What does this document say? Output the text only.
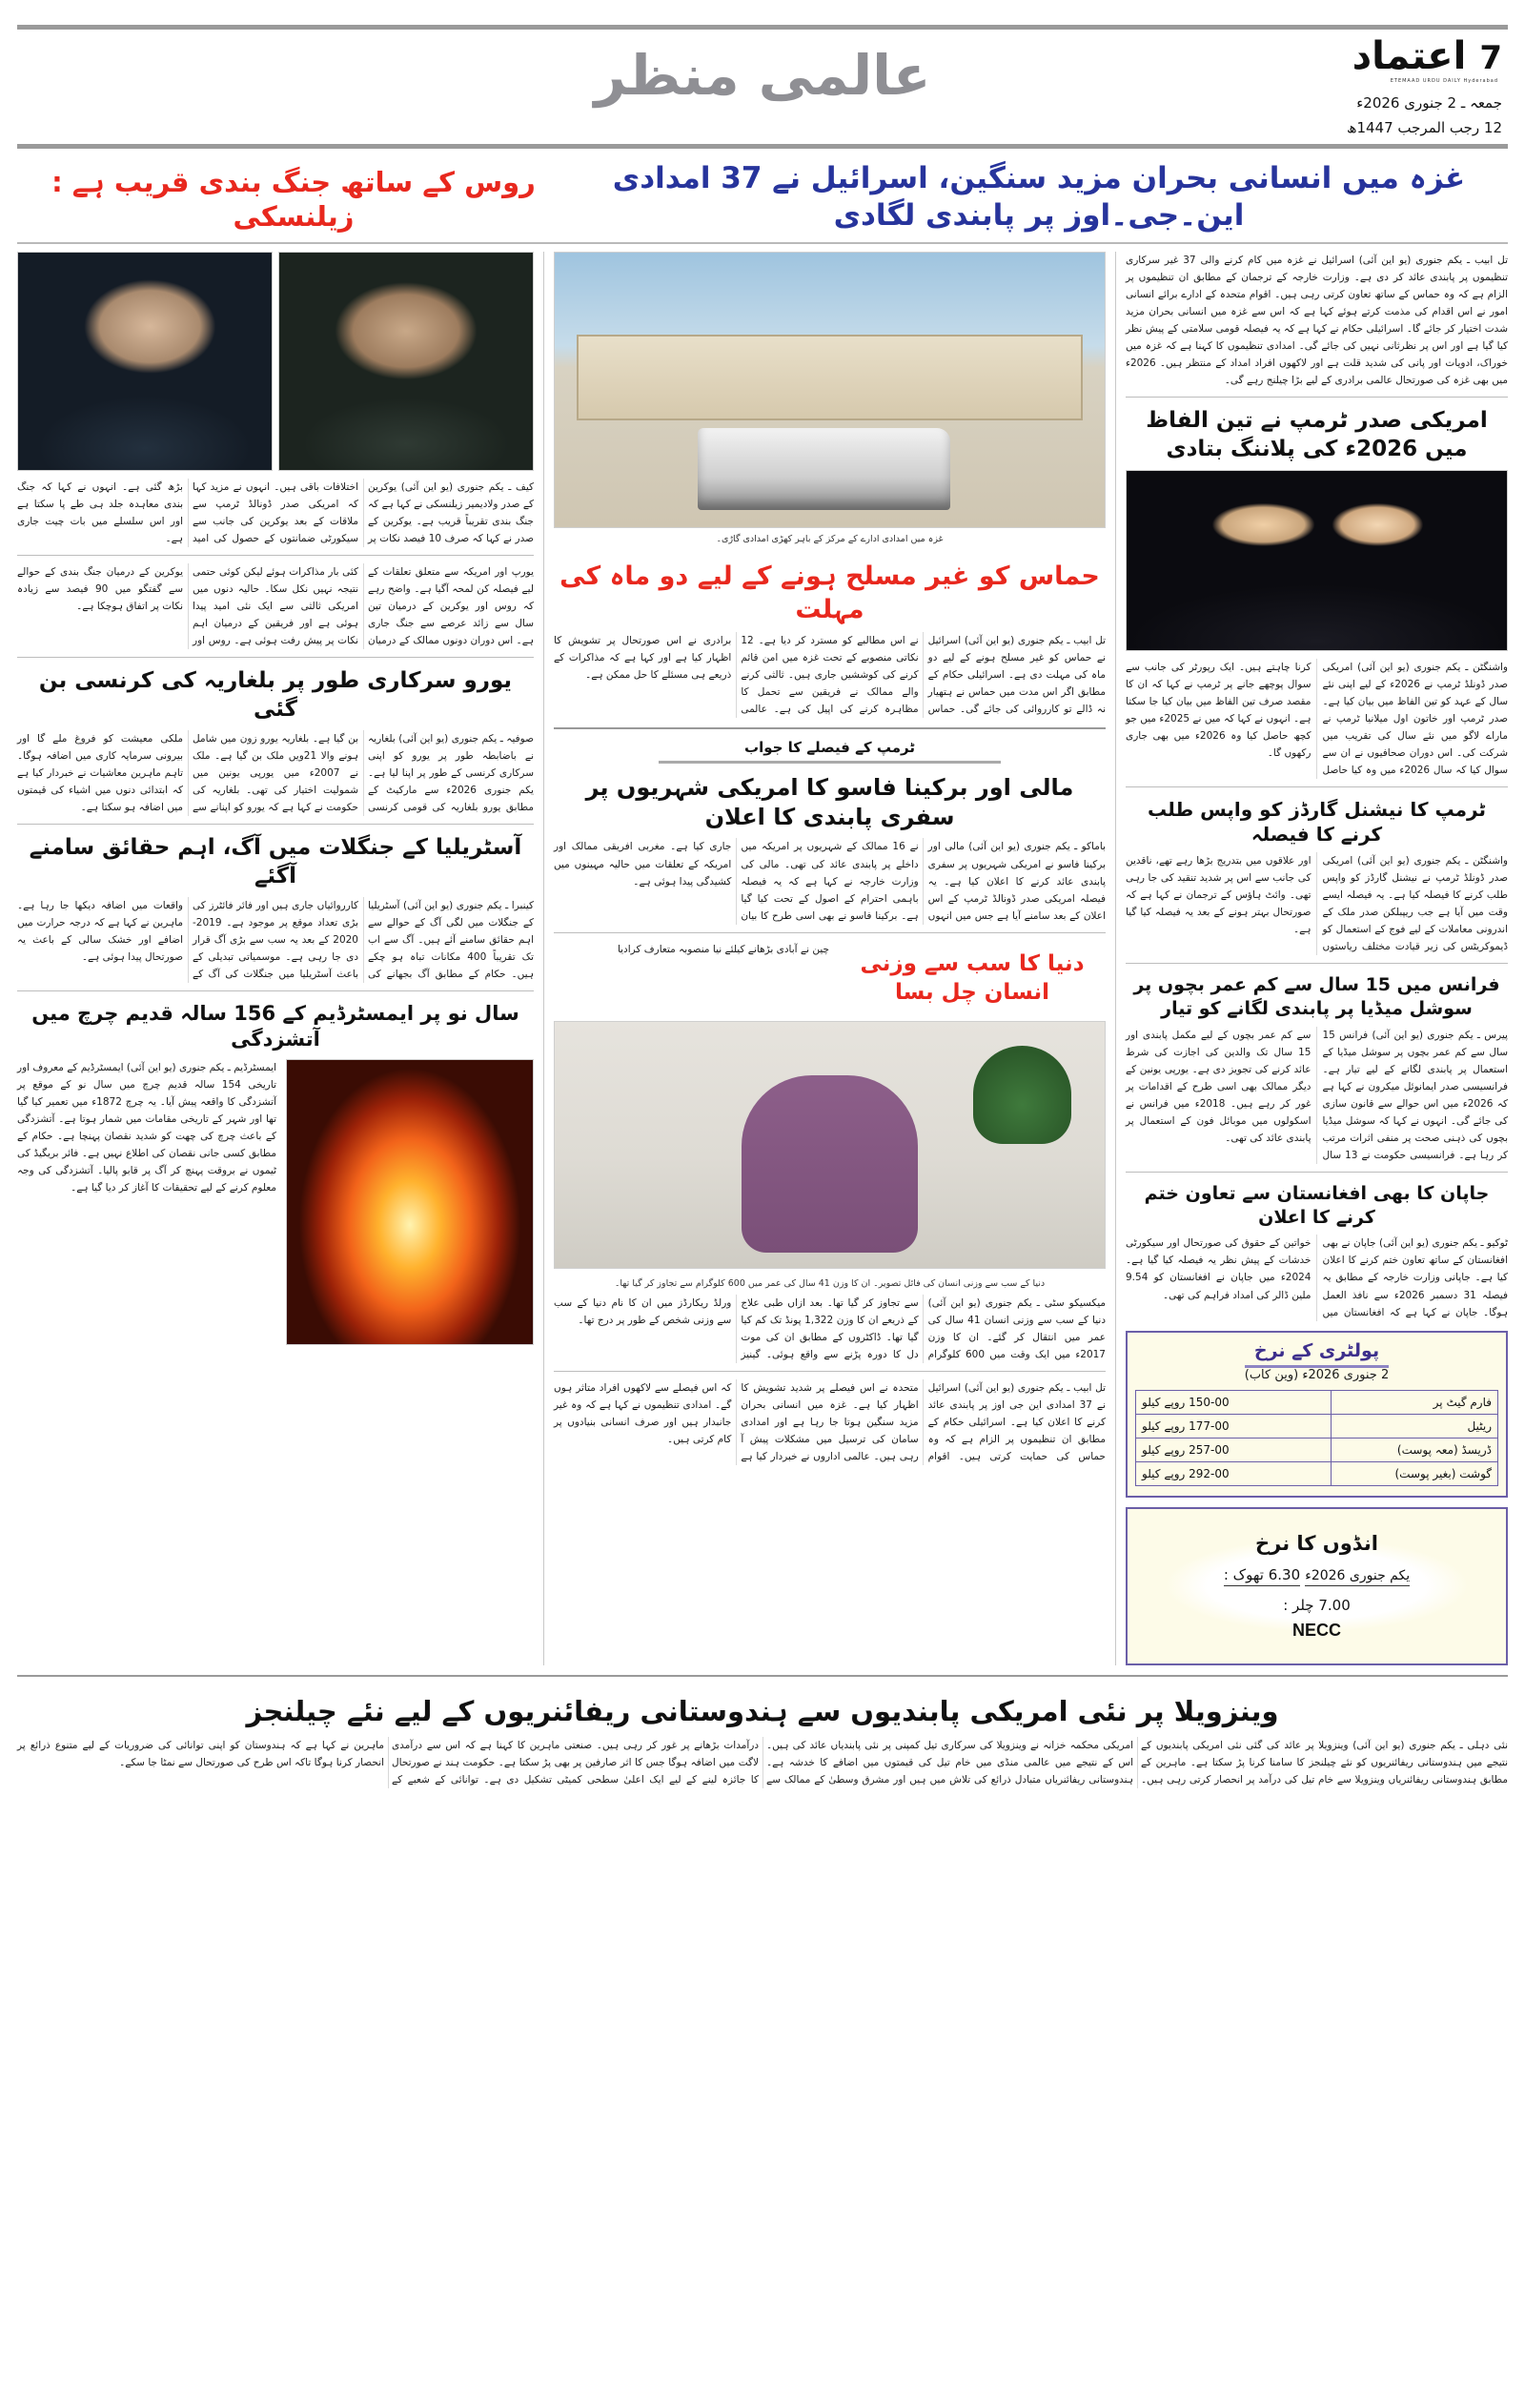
اعتماد 7
ETEMAAD URDU DAILY Hyderabad
جمعہ ـ 2 جنوری 2026ء
12 رجب المرجب 1447ھ
عالمی منظر
غزہ میں انسانی بحران مزید سنگین، اسرائیل نے 37 امدادی این۔جی۔اوز پر پابندی لگادی
روس کے ساتھ جنگ بندی قریب ہے : زیلنسکی
تل ابیب ـ یکم جنوری (یو این آئی) اسرائیل نے غزہ میں کام کرنے والی 37 غیر سرکاری تنظیموں پر پابندی عائد کر دی ہے۔ وزارت خارجہ کے ترجمان کے مطابق ان تنظیموں پر الزام ہے کہ وہ حماس کے ساتھ تعاون کرتی رہی ہیں۔ اقوام متحدہ کے ادارے برائے انسانی امور نے اس اقدام کی مذمت کرتے ہوئے کہا ہے کہ اس سے غزہ میں انسانی بحران مزید شدت اختیار کر جائے گا۔ اسرائیلی حکام نے کہا ہے کہ یہ فیصلہ قومی سلامتی کے پیش نظر کیا گیا ہے اور اس پر نظرثانی نہیں کی جائے گی۔ امدادی تنظیموں کا کہنا ہے کہ غزہ میں خوراک، ادویات اور پانی کی شدید قلت ہے اور لاکھوں افراد امداد کے منتظر ہیں۔ 2026ء میں بھی غزہ کی صورتحال عالمی برادری کے لیے بڑا چیلنج رہے گی۔
امریکی صدر ٹرمپ نے تین الفاظ میں 2026ء کی پلاننگ بتادی
واشنگٹن ـ یکم جنوری (یو این آئی) امریکی صدر ڈونلڈ ٹرمپ نے 2026ء کے لیے اپنی نئے سال کے عہد کو تین الفاظ میں بیان کیا ہے۔ صدر ٹرمپ اور خاتون اول میلانیا ٹرمپ نے ماراے لاگو میں نئے سال کی تقریب میں شرکت کی۔ اس دوران صحافیوں نے ان سے سوال کیا کہ سال 2026ء میں وہ کیا حاصل کرنا چاہتے ہیں۔ ایک رپورٹر کی جانب سے سوال پوچھے جانے پر ٹرمپ نے کہا کہ ان کا مقصد صرف تین الفاظ میں بیان کیا جا سکتا ہے۔ انہوں نے کہا کہ میں نے 2025ء میں جو کچھ حاصل کیا وہ 2026ء میں بھی جاری رکھوں گا۔
ٹرمپ کا نیشنل گارڈز کو واپس طلب کرنے کا فیصلہ
واشنگٹن ـ یکم جنوری (یو این آئی) امریکی صدر ڈونلڈ ٹرمپ نے نیشنل گارڈز کو واپس طلب کرنے کا فیصلہ کیا ہے۔ یہ فیصلہ ایسے وقت میں آیا ہے جب ریپبلکن صدر ملک کے اندرونی معاملات کے لیے فوج کے استعمال کو ڈیموکریٹس کی زیر قیادت مختلف ریاستوں اور علاقوں میں بتدریج بڑھا رہے تھے، ناقدین کی جانب سے اس پر شدید تنقید کی جا رہی تھی۔ وائٹ ہاؤس کے ترجمان نے کہا ہے کہ صورتحال بہتر ہونے کے بعد یہ فیصلہ کیا گیا ہے۔
فرانس میں 15 سال سے کم عمر بچوں پر سوشل میڈیا پر پابندی لگانے کو تیار
پیرس ـ یکم جنوری (یو این آئی) فرانس 15 سال سے کم عمر بچوں پر سوشل میڈیا کے استعمال پر پابندی لگانے کے لیے تیار ہے۔ فرانسیسی صدر ایمانوئل میکرون نے کہا ہے کہ 2026ء میں اس حوالے سے قانون سازی کی جائے گی۔ انہوں نے کہا کہ سوشل میڈیا بچوں کی ذہنی صحت پر منفی اثرات مرتب کر رہا ہے۔ فرانسیسی حکومت نے 13 سال سے کم عمر بچوں کے لیے مکمل پابندی اور 15 سال تک والدین کی اجازت کی شرط عائد کرنے کی تجویز دی ہے۔ یورپی یونین کے دیگر ممالک بھی اسی طرح کے اقدامات پر غور کر رہے ہیں۔ 2018ء میں فرانس نے اسکولوں میں موبائل فون کے استعمال پر پابندی عائد کی تھی۔
جاپان کا بھی افغانستان سے تعاون ختم کرنے کا اعلان
ٹوکیو ـ یکم جنوری (یو این آئی) جاپان نے بھی افغانستان کے ساتھ تعاون ختم کرنے کا اعلان کیا ہے۔ جاپانی وزارت خارجہ کے مطابق یہ فیصلہ 31 دسمبر 2026ء سے نافذ العمل ہوگا۔ جاپان نے کہا ہے کہ افغانستان میں خواتین کے حقوق کی صورتحال اور سیکورٹی خدشات کے پیش نظر یہ فیصلہ کیا گیا ہے۔ 2024ء میں جاپان نے افغانستان کو 9.54 ملین ڈالر کی امداد فراہم کی تھی۔
پولٹری کے نرخ
2 جنوری 2026ء (وین کاب)
فارم گیٹ پر	150-00 روپے کیلو
ریٹیل	177-00 روپے کیلو
ڈریسڈ (معہ پوست)	257-00 روپے کیلو
گوشت (بغیر پوست)	292-00 روپے کیلو
انڈوں کا نرخ
یکم جنوری 2026ء 6.30 تھوک :
7.00 چلر :
NECC
غزہ میں امدادی ادارے کے مرکز کے باہر کھڑی امدادی گاڑی۔
حماس کو غیر مسلح ہونے کے لیے دو ماہ کی مہلت
تل ابیب ـ یکم جنوری (یو این آئی) اسرائیل نے حماس کو غیر مسلح ہونے کے لیے دو ماہ کی مہلت دی ہے۔ اسرائیلی حکام کے مطابق اگر اس مدت میں حماس نے ہتھیار نہ ڈالے تو کارروائی کی جائے گی۔ حماس نے اس مطالبے کو مسترد کر دیا ہے۔ 12 نکاتی منصوبے کے تحت غزہ میں امن قائم کرنے کی کوششیں جاری ہیں۔ ثالثی کرنے والے ممالک نے فریقین سے تحمل کا مظاہرہ کرنے کی اپیل کی ہے۔ عالمی برادری نے اس صورتحال پر تشویش کا اظہار کیا ہے اور کہا ہے کہ مذاکرات کے ذریعے ہی مسئلے کا حل ممکن ہے۔
ٹرمپ کے فیصلے کا جواب
مالی اور برکینا فاسو کا امریکی شہریوں پر سفری پابندی کا اعلان
باماکو ـ یکم جنوری (یو این آئی) مالی اور برکینا فاسو نے امریکی شہریوں پر سفری پابندی عائد کرنے کا اعلان کیا ہے۔ یہ فیصلہ امریکی صدر ڈونالڈ ٹرمپ کے اس اعلان کے بعد سامنے آیا ہے جس میں انہوں نے 16 ممالک کے شہریوں پر امریکہ میں داخلے پر پابندی عائد کی تھی۔ مالی کی وزارت خارجہ نے کہا ہے کہ یہ فیصلہ باہمی احترام کے اصول کے تحت کیا گیا ہے۔ برکینا فاسو نے بھی اسی طرح کا بیان جاری کیا ہے۔ مغربی افریقی ممالک اور امریکہ کے تعلقات میں حالیہ مہینوں میں کشیدگی پیدا ہوئی ہے۔
دنیا کا سب سے وزنی انسان چل بسا
چین نے آبادی بڑھانے کیلئے نیا منصوبہ متعارف کرادیا
دنیا کے سب سے وزنی انسان کی فائل تصویر۔ ان کا وزن 41 سال کی عمر میں 600 کلوگرام سے تجاوز کر گیا تھا۔
میکسیکو سٹی ـ یکم جنوری (یو این آئی) دنیا کے سب سے وزنی انسان 41 سال کی عمر میں انتقال کر گئے۔ ان کا وزن 2017ء میں ایک وقت میں 600 کلوگرام سے تجاوز کر گیا تھا۔ بعد ازاں طبی علاج کے ذریعے ان کا وزن 1,322 پونڈ تک کم کیا گیا تھا۔ ڈاکٹروں کے مطابق ان کی موت دل کا دورہ پڑنے سے واقع ہوئی۔ گینیز ورلڈ ریکارڈز میں ان کا نام دنیا کے سب سے وزنی شخص کے طور پر درج تھا۔
تل ابیب ـ یکم جنوری (یو این آئی) اسرائیل نے 37 امدادی این جی اوز پر پابندی عائد کرنے کا اعلان کیا ہے۔ اسرائیلی حکام کے مطابق ان تنظیموں پر الزام ہے کہ وہ حماس کی حمایت کرتی ہیں۔ اقوام متحدہ نے اس فیصلے پر شدید تشویش کا اظہار کیا ہے۔ غزہ میں انسانی بحران مزید سنگین ہوتا جا رہا ہے اور امدادی سامان کی ترسیل میں مشکلات پیش آ رہی ہیں۔ عالمی اداروں نے خبردار کیا ہے کہ اس فیصلے سے لاکھوں افراد متاثر ہوں گے۔ امدادی تنظیموں نے کہا ہے کہ وہ غیر جانبدار ہیں اور صرف انسانی بنیادوں پر کام کرتی ہیں۔
کیف ـ یکم جنوری (یو این آئی) یوکرین کے صدر ولادیمیر زیلنسکی نے کہا ہے کہ جنگ بندی تقریباً قریب ہے۔ یوکرین کے صدر نے کہا کہ صرف 10 فیصد نکات پر اختلافات باقی ہیں۔ انہوں نے مزید کہا کہ امریکی صدر ڈونالڈ ٹرمپ سے ملاقات کے بعد یوکرین کی جانب سے سیکورٹی ضمانتوں کے حصول کی امید بڑھ گئی ہے۔ انہوں نے کہا کہ جنگ بندی معاہدہ جلد ہی طے پا سکتا ہے اور اس سلسلے میں بات چیت جاری ہے۔
یورپ اور امریکہ سے متعلق تعلقات کے لیے فیصلہ کن لمحہ آگیا ہے۔ واضح رہے کہ روس اور یوکرین کے درمیان تین سال سے زائد عرصے سے جنگ جاری ہے۔ اس دوران دونوں ممالک کے درمیان کئی بار مذاکرات ہوئے لیکن کوئی حتمی نتیجہ نہیں نکل سکا۔ حالیہ دنوں میں امریکی ثالثی سے ایک نئی امید پیدا ہوئی ہے اور فریقین کے درمیان اہم نکات پر پیش رفت ہوئی ہے۔ روس اور یوکرین کے درمیان جنگ بندی کے حوالے سے گفتگو میں 90 فیصد سے زیادہ نکات پر اتفاق ہوچکا ہے۔
یورو سرکاری طور پر بلغاریہ کی کرنسی بن گئی
صوفیہ ـ یکم جنوری (یو این آئی) بلغاریہ نے باضابطہ طور پر یورو کو اپنی سرکاری کرنسی کے طور پر اپنا لیا ہے۔ یکم جنوری 2026ء سے مارکیٹ کے مطابق یورو بلغاریہ کی قومی کرنسی بن گیا ہے۔ بلغاریہ یورو زون میں شامل ہونے والا 21ویں ملک بن گیا ہے۔ ملک نے 2007ء میں یورپی یونین میں شمولیت اختیار کی تھی۔ بلغاریہ کی حکومت نے کہا ہے کہ یورو کو اپنانے سے ملکی معیشت کو فروغ ملے گا اور بیرونی سرمایہ کاری میں اضافہ ہوگا۔ تاہم ماہرین معاشیات نے خبردار کیا ہے کہ ابتدائی دنوں میں اشیاء کی قیمتوں میں اضافہ ہو سکتا ہے۔
آسٹریلیا کے جنگلات میں آگ، اہم حقائق سامنے آگئے
کینبرا ـ یکم جنوری (یو این آئی) آسٹریلیا کے جنگلات میں لگی آگ کے حوالے سے اہم حقائق سامنے آئے ہیں۔ آگ سے اب تک تقریباً 400 مکانات تباہ ہو چکے ہیں۔ حکام کے مطابق آگ بجھانے کی کارروائیاں جاری ہیں اور فائر فائٹرز کی بڑی تعداد موقع پر موجود ہے۔ 2019-2020 کے بعد یہ سب سے بڑی آگ قرار دی جا رہی ہے۔ موسمیاتی تبدیلی کے باعث آسٹریلیا میں جنگلات کی آگ کے واقعات میں اضافہ دیکھا جا رہا ہے۔ ماہرین نے کہا ہے کہ درجہ حرارت میں اضافے اور خشک سالی کے باعث یہ صورتحال پیدا ہوئی ہے۔
سال نو پر ایمسٹرڈیم کے 156 سالہ قدیم چرچ میں آتشزدگی
ایمسٹرڈیم ـ یکم جنوری (یو این آئی) ایمسٹرڈیم کے معروف اور تاریخی 154 سالہ قدیم چرچ میں سال نو کے موقع پر آتشزدگی کا واقعہ پیش آیا۔ یہ چرچ 1872ء میں تعمیر کیا گیا تھا اور شہر کے تاریخی مقامات میں شمار ہوتا ہے۔ آتشزدگی کے باعث چرچ کی چھت کو شدید نقصان پہنچا ہے۔ حکام کے مطابق کسی جانی نقصان کی اطلاع نہیں ہے۔ فائر بریگیڈ کی ٹیموں نے بروقت پہنچ کر آگ پر قابو پالیا۔ آتشزدگی کی وجہ معلوم کرنے کے لیے تحقیقات کا آغاز کر دیا گیا ہے۔
وینزویلا پر نئی امریکی پابندیوں سے ہندوستانی ریفائنریوں کے لیے نئے چیلنجز
نئی دہلی ـ یکم جنوری (یو این آئی) وینزویلا پر عائد کی گئی نئی امریکی پابندیوں کے نتیجے میں ہندوستانی ریفائنریوں کو نئے چیلنجز کا سامنا کرنا پڑ سکتا ہے۔ ماہرین کے مطابق ہندوستانی ریفائنریاں وینزویلا سے خام تیل کی درآمد پر انحصار کرتی رہی ہیں۔ امریکی محکمہ خزانہ نے وینزویلا کی سرکاری تیل کمپنی پر نئی پابندیاں عائد کی ہیں۔ اس کے نتیجے میں عالمی منڈی میں خام تیل کی قیمتوں میں اضافے کا خدشہ ہے۔ ہندوستانی ریفائنریاں متبادل ذرائع کی تلاش میں ہیں اور مشرق وسطیٰ کے ممالک سے درآمدات بڑھانے پر غور کر رہی ہیں۔ صنعتی ماہرین کا کہنا ہے کہ اس سے درآمدی لاگت میں اضافہ ہوگا جس کا اثر صارفین پر بھی پڑ سکتا ہے۔ حکومت ہند نے صورتحال کا جائزہ لینے کے لیے ایک اعلیٰ سطحی کمیٹی تشکیل دی ہے۔ توانائی کے شعبے کے ماہرین نے کہا ہے کہ ہندوستان کو اپنی توانائی کی ضروریات کے لیے متنوع ذرائع پر انحصار کرنا ہوگا تاکہ اس طرح کی صورتحال سے نمٹا جا سکے۔
